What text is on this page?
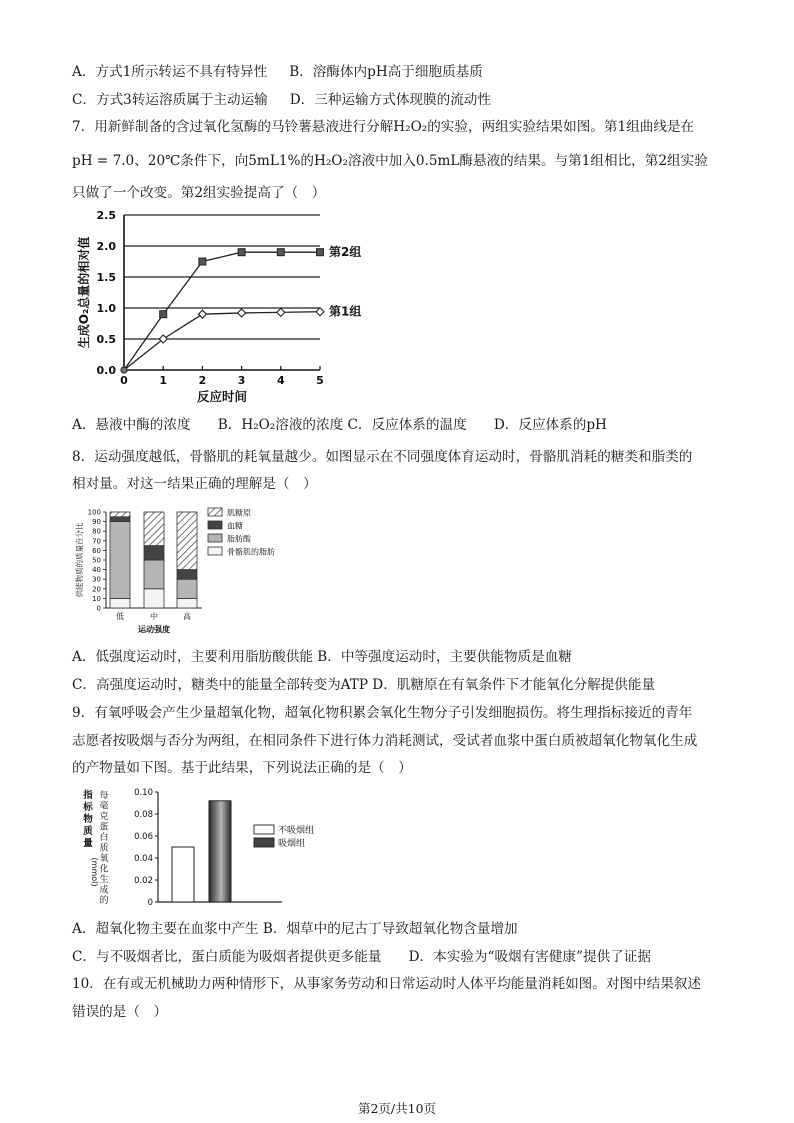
A．方式1所示转运不具有特异性 B．溶酶体内pH高于细胞质基质
C．方式3转运溶质属于主动运输 D．三种运输方式体现膜的流动性
7．用新鲜制备的含过氧化氢酶的马铃薯悬液进行分解H₂O₂的实验，两组实验结果如图。第1组曲线是在
pH = 7.0、20℃条件下，向5mL1%的H₂O₂溶液中加入0.5mL酶悬液的结果。与第1组相比，第2组实验
只做了一个改变。第2组实验提高了（　）
0.0
0.5
1.0
1.5
2.0
2.5
0	1	2	3	4	5
反应时间
生成O₂总量的相对值	第2组
第1组
A．悬液中酶的浓度　　B．H₂O₂溶液的浓度 C．反应体系的温度　　D．反应体系的pH
8．运动强度越低，骨骼肌的耗氧量越少。如图显示在不同强度体育运动时，骨骼肌消耗的糖类和脂类的
相对量。对这一结果正确的理解是（　）
0
10
20
30
40
50
60
70
80
90
100
低	中	高
运动强度
供能物质的质量百分比
肌糖原
血糖
脂肪酸
骨骼肌的脂肪
A．低强度运动时，主要利用脂肪酸供能 B．中等强度运动时，主要供能物质是血糖
C．高强度运动时，糖类中的能量全部转变为ATP D．肌糖原在有氧条件下才能氧化分解提供能量
9．有氧呼吸会产生少量超氧化物，超氧化物积累会氧化生物分子引发细胞损伤。将生理指标接近的青年
志愿者按吸烟与否分为两组，在相同条件下进行体力消耗测试，受试者血浆中蛋白质被超氧化物氧化生成
的产物量如下图。基于此结果，下列说法正确的是（　）
0
0.02
0.04
0.06
0.08
0.10
不吸烟组
吸烟组
指
标
物
质
量
每
毫
克
蛋
白
质
氧
化
生
成
的
(mmol)
A．超氧化物主要在血浆中产生 B．烟草中的尼古丁导致超氧化物含量增加
C．与不吸烟者比，蛋白质能为吸烟者提供更多能量　　D．本实验为“吸烟有害健康”提供了证据
10．在有或无机械助力两种情形下，从事家务劳动和日常运动时人体平均能量消耗如图。对图中结果叙述
错误的是（　）
第2页/共10页
